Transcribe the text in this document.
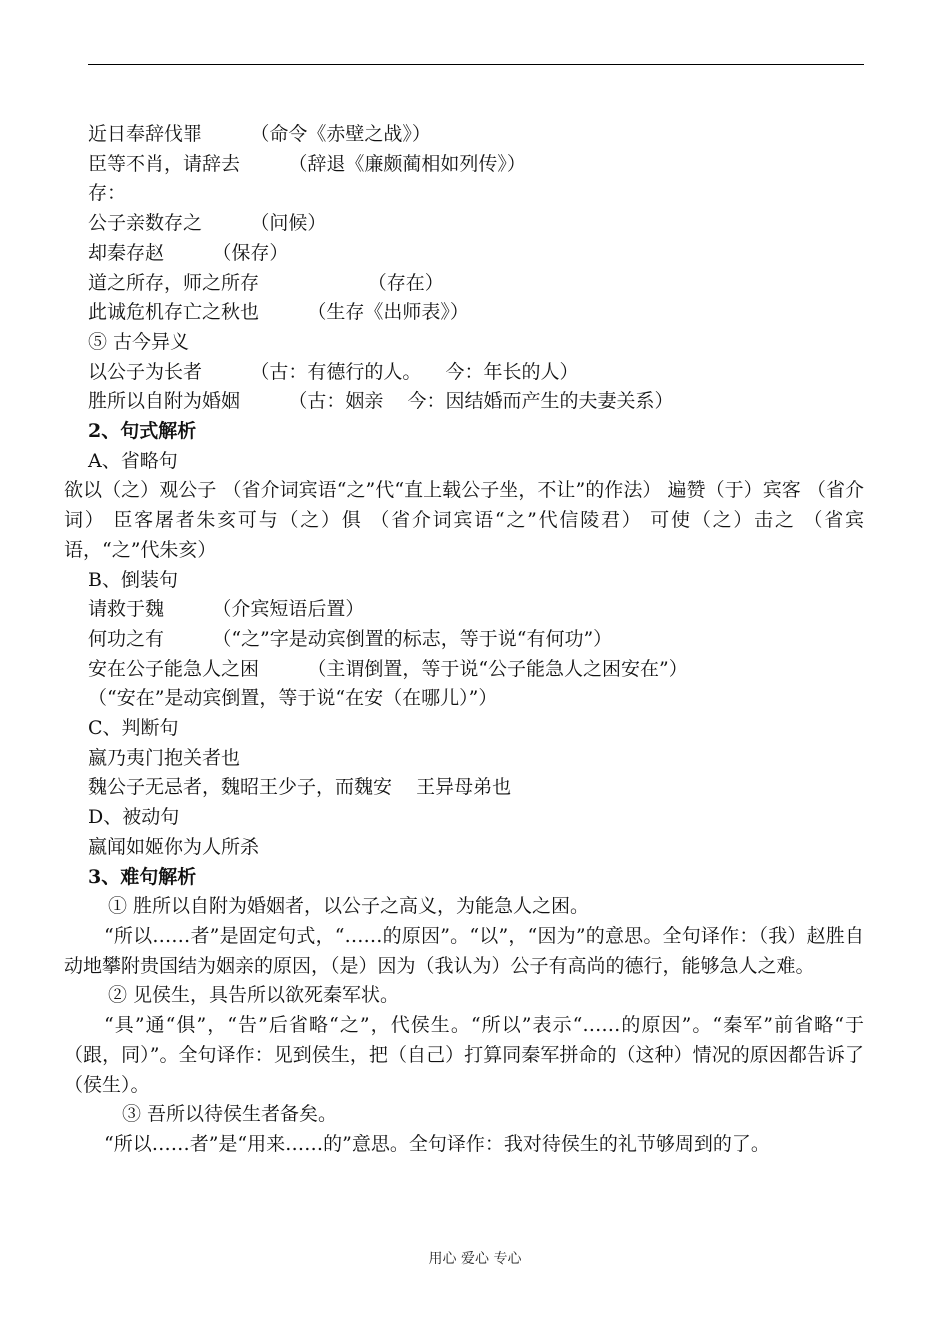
近日奉辞伐罪        （命令《赤壁之战》）

臣等不肖，请辞去        （辞退《廉颇蔺相如列传》）

存：

公子亲数存之        （问候）

却秦存赵        （保存）

道之所存，师之所存                  （存在）

此诚危机存亡之秋也        （生存《出师表》）

⑤ 古今异义

以公子为长者        （古：有德行的人。    今：年长的人）

胜所以自附为婚姻        （古：姻亲    今：因结婚而产生的夫妻关系）

2、句式解析

A、省略句

欲以（之）观公子 （省介词宾语“之”代“直上载公子坐，不让”的作法） 遍赞（于）宾客 （省介词） 臣客屠者朱亥可与（之）俱 （省介词宾语“之”代信陵君） 可使（之）击之 （省宾语，“之”代朱亥）

B、倒装句

请救于魏        （介宾短语后置）

何功之有        （“之”字是动宾倒置的标志，等于说“有何功”）

安在公子能急人之困        （主谓倒置，等于说“公子能急人之困安在”）

（“安在”是动宾倒置，等于说“在安（在哪儿）”）

C、判断句

嬴乃夷门抱关者也

魏公子无忌者，魏昭王少子，而魏安    王异母弟也

D、被动句

嬴闻如姬你为人所杀

3、难句解析

① 胜所以自附为婚姻者，以公子之高义，为能急人之困。

“所以……者”是固定句式，“……的原因”。“以”，“因为”的意思。全句译作：（我）赵胜自动地攀附贵国结为姻亲的原因，（是）因为（我认为）公子有高尚的德行，能够急人之难。

② 见侯生，具告所以欲死秦军状。

“具”通“俱”，“告”后省略“之”，代侯生。“所以”表示“……的原因”。“秦军”前省略“于（跟，同）”。全句译作：见到侯生，把（自己）打算同秦军拼命的（这种）情况的原因都告诉了（侯生）。

③ 吾所以待侯生者备矣。

“所以……者”是“用来……的”意思。全句译作：我对待侯生的礼节够周到的了。

用心 爱心 专心
